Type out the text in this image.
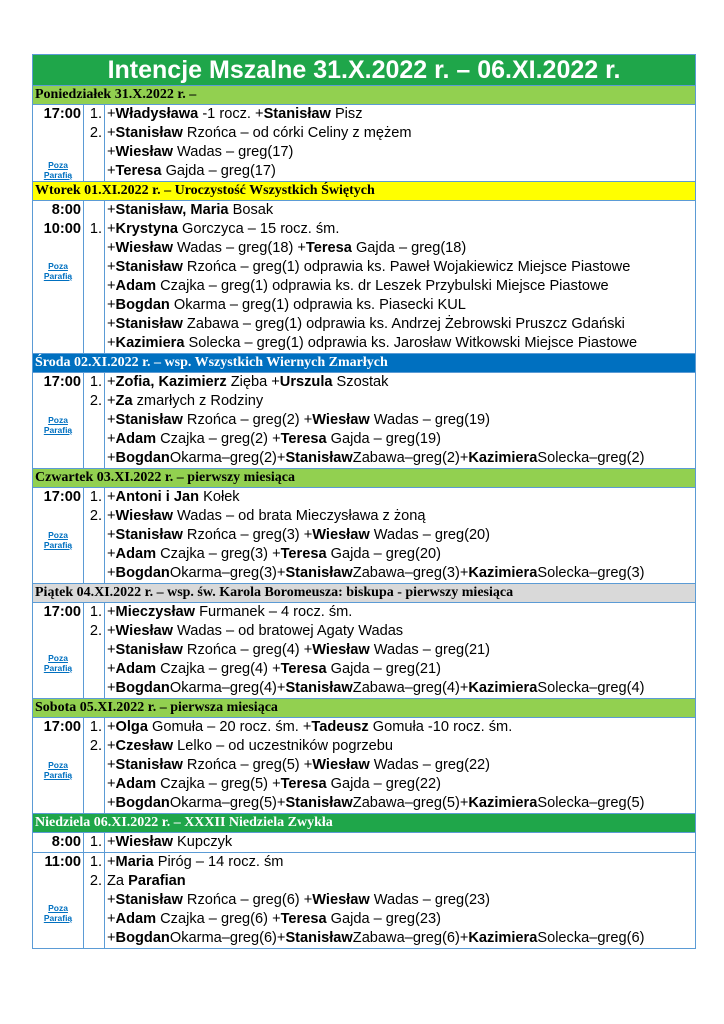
Intencje Mszalne 31.X.2022 r. – 06.XI.2022 r.
Poniedziałek 31.X.2022 r. –
17:00
Poza
Parafią
1.
2.
+Władysława -1 rocz. +Stanisław Pisz
+Stanisław Rzońca – od córki Celiny z mężem
+Wiesław Wadas – greg(17)
+Teresa Gajda – greg(17)
Wtorek 01.XI.2022 r. – Uroczystość Wszystkich Świętych
8:00
10:00
Poza
Parafią
1.
+Stanisław, Maria Bosak
+Krystyna Gorczyca – 15 rocz. śm.
+Wiesław Wadas – greg(18) +Teresa Gajda – greg(18)
+Stanisław Rzońca – greg(1) odprawia ks. Paweł Wojakiewicz Miejsce Piastowe
+Adam Czajka – greg(1) odprawia ks. dr Leszek Przybulski Miejsce Piastowe
+Bogdan Okarma – greg(1) odprawia ks. Piasecki KUL
+Stanisław Zabawa – greg(1) odprawia ks. Andrzej Żebrowski Pruszcz Gdański
+Kazimiera Solecka – greg(1) odprawia ks. Jarosław Witkowski Miejsce Piastowe
Środa 02.XI.2022 r. – wsp. Wszystkich Wiernych Zmarłych
17:00
Poza
Parafią
1.
2.
+Zofia, Kazimierz Zięba +Urszula Szostak
+Za zmarłych z Rodziny
+Stanisław Rzońca – greg(2) +Wiesław Wadas – greg(19)
+Adam Czajka – greg(2) +Teresa Gajda – greg(19)
+BogdanOkarma–greg(2)+StanisławZabawa–greg(2)+KazimieraSolecka–greg(2)
Czwartek 03.XI.2022 r. – pierwszy miesiąca
17:00
Poza
Parafią
1.
2.
+Antoni i Jan Kołek
+Wiesław Wadas – od brata Mieczysława z żoną
+Stanisław Rzońca – greg(3) +Wiesław Wadas – greg(20)
+Adam Czajka – greg(3) +Teresa Gajda – greg(20)
+BogdanOkarma–greg(3)+StanisławZabawa–greg(3)+KazimieraSolecka–greg(3)
Piątek 04.XI.2022 r. – wsp. św. Karola Boromeusza: biskupa - pierwszy miesiąca
17:00
Poza
Parafią
1.
2.
+Mieczysław Furmanek – 4 rocz. śm.
+Wiesław Wadas – od bratowej Agaty Wadas
+Stanisław Rzońca – greg(4) +Wiesław Wadas – greg(21)
+Adam Czajka – greg(4) +Teresa Gajda – greg(21)
+BogdanOkarma–greg(4)+StanisławZabawa–greg(4)+KazimieraSolecka–greg(4)
Sobota 05.XI.2022 r. – pierwsza miesiąca
17:00
Poza
Parafią
1.
2.
+Olga Gomuła – 20 rocz. śm. +Tadeusz Gomuła -10 rocz. śm.
+Czesław Lelko – od uczestników pogrzebu
+Stanisław Rzońca – greg(5) +Wiesław Wadas – greg(22)
+Adam Czajka – greg(5) +Teresa Gajda – greg(22)
+BogdanOkarma–greg(5)+StanisławZabawa–greg(5)+KazimieraSolecka–greg(5)
Niedziela 06.XI.2022 r. – XXXII Niedziela Zwykła
8:00 1. +Wiesław Kupczyk
11:00
Poza
Parafią
1.
2.
+Maria Piróg – 14 rocz. śm
Za Parafian
+Stanisław Rzońca – greg(6) +Wiesław Wadas – greg(23)
+Adam Czajka – greg(6) +Teresa Gajda – greg(23)
+BogdanOkarma–greg(6)+StanisławZabawa–greg(6)+KazimieraSolecka–greg(6)
